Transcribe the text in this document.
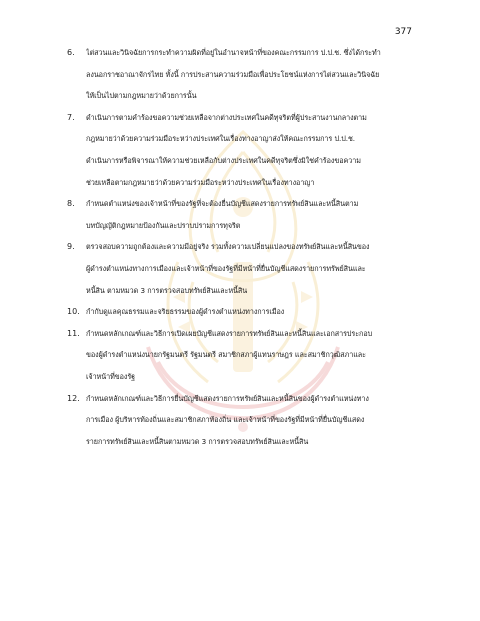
377
6. ไต่สวนและวินิจฉัยการกระทำความผิดที่อยู่ในอำนาจหน้าที่ของคณะกรรมการ ป.ป.ช. ซึ่งได้กระทำ
ลงนอกราชอาณาจักรไทย ทั้งนี้ การประสานความร่วมมือเพื่อประโยชน์แห่งการไต่สวนและวินิจฉัย
ให้เป็นไปตามกฎหมายว่าด้วยการนั้น
7. ดำเนินการตามคำร้องขอความช่วยเหลือจากต่างประเทศในคดีทุจริตที่ผู้ประสานงานกลางตาม
กฎหมายว่าด้วยความร่วมมือระหว่างประเทศในเรื่องทางอาญาส่งให้คณะกรรมการ ป.ป.ช.
ดำเนินการหรือพิจารณาให้ความช่วยเหลือกับต่างประเทศในคดีทุจริตซึ่งมิใช่คำร้องขอความ
ช่วยเหลือตามกฎหมายว่าด้วยความร่วมมือระหว่างประเทศในเรื่องทางอาญา
8. กำหนดตำแหน่งของเจ้าหน้าที่ของรัฐที่จะต้องยื่นบัญชีแสดงรายการทรัพย์สินและหนี้สินตาม
บทบัญญัติกฎหมายป้องกันและปราบปรามการทุจริต
9. ตรวจสอบความถูกต้องและความมีอยู่จริง รวมทั้งความเปลี่ยนแปลงของทรัพย์สินและหนี้สินของ
ผู้ดำรงตำแหน่งทางการเมืองและเจ้าหน้าที่ของรัฐที่มีหน้าที่ยื่นบัญชีแสดงรายการทรัพย์สินและ
หนี้สิน ตามหมวด 3 การตรวจสอบทรัพย์สินและหนี้สิน
10. กำกับดูแลคุณธรรมและจริยธรรมของผู้ดำรงตำแหน่งทางการเมือง
11. กำหนดหลักเกณฑ์และวิธีการเปิดเผยบัญชีแสดงรายการทรัพย์สินและหนี้สินและเอกสารประกอบ
ของผู้ดำรงตำแหน่งนายกรัฐมนตรี รัฐมนตรี สมาชิกสภาผู้แทนราษฎร และสมาชิกวุฒิสภาและ
เจ้าหน้าที่ของรัฐ
12. กำหนดหลักเกณฑ์และวิธีการยื่นบัญชีแสดงรายการทรัพย์สินและหนี้สินของผู้ดำรงตำแหน่งทาง
การเมือง ผู้บริหารท้องถิ่นและสมาชิกสภาท้องถิ่น และเจ้าหน้าที่ของรัฐที่มีหน้าที่ยื่นบัญชีแสดง
รายการทรัพย์สินและหนี้สินตามหมวด 3 การตรวจสอบทรัพย์สินและหนี้สิน
